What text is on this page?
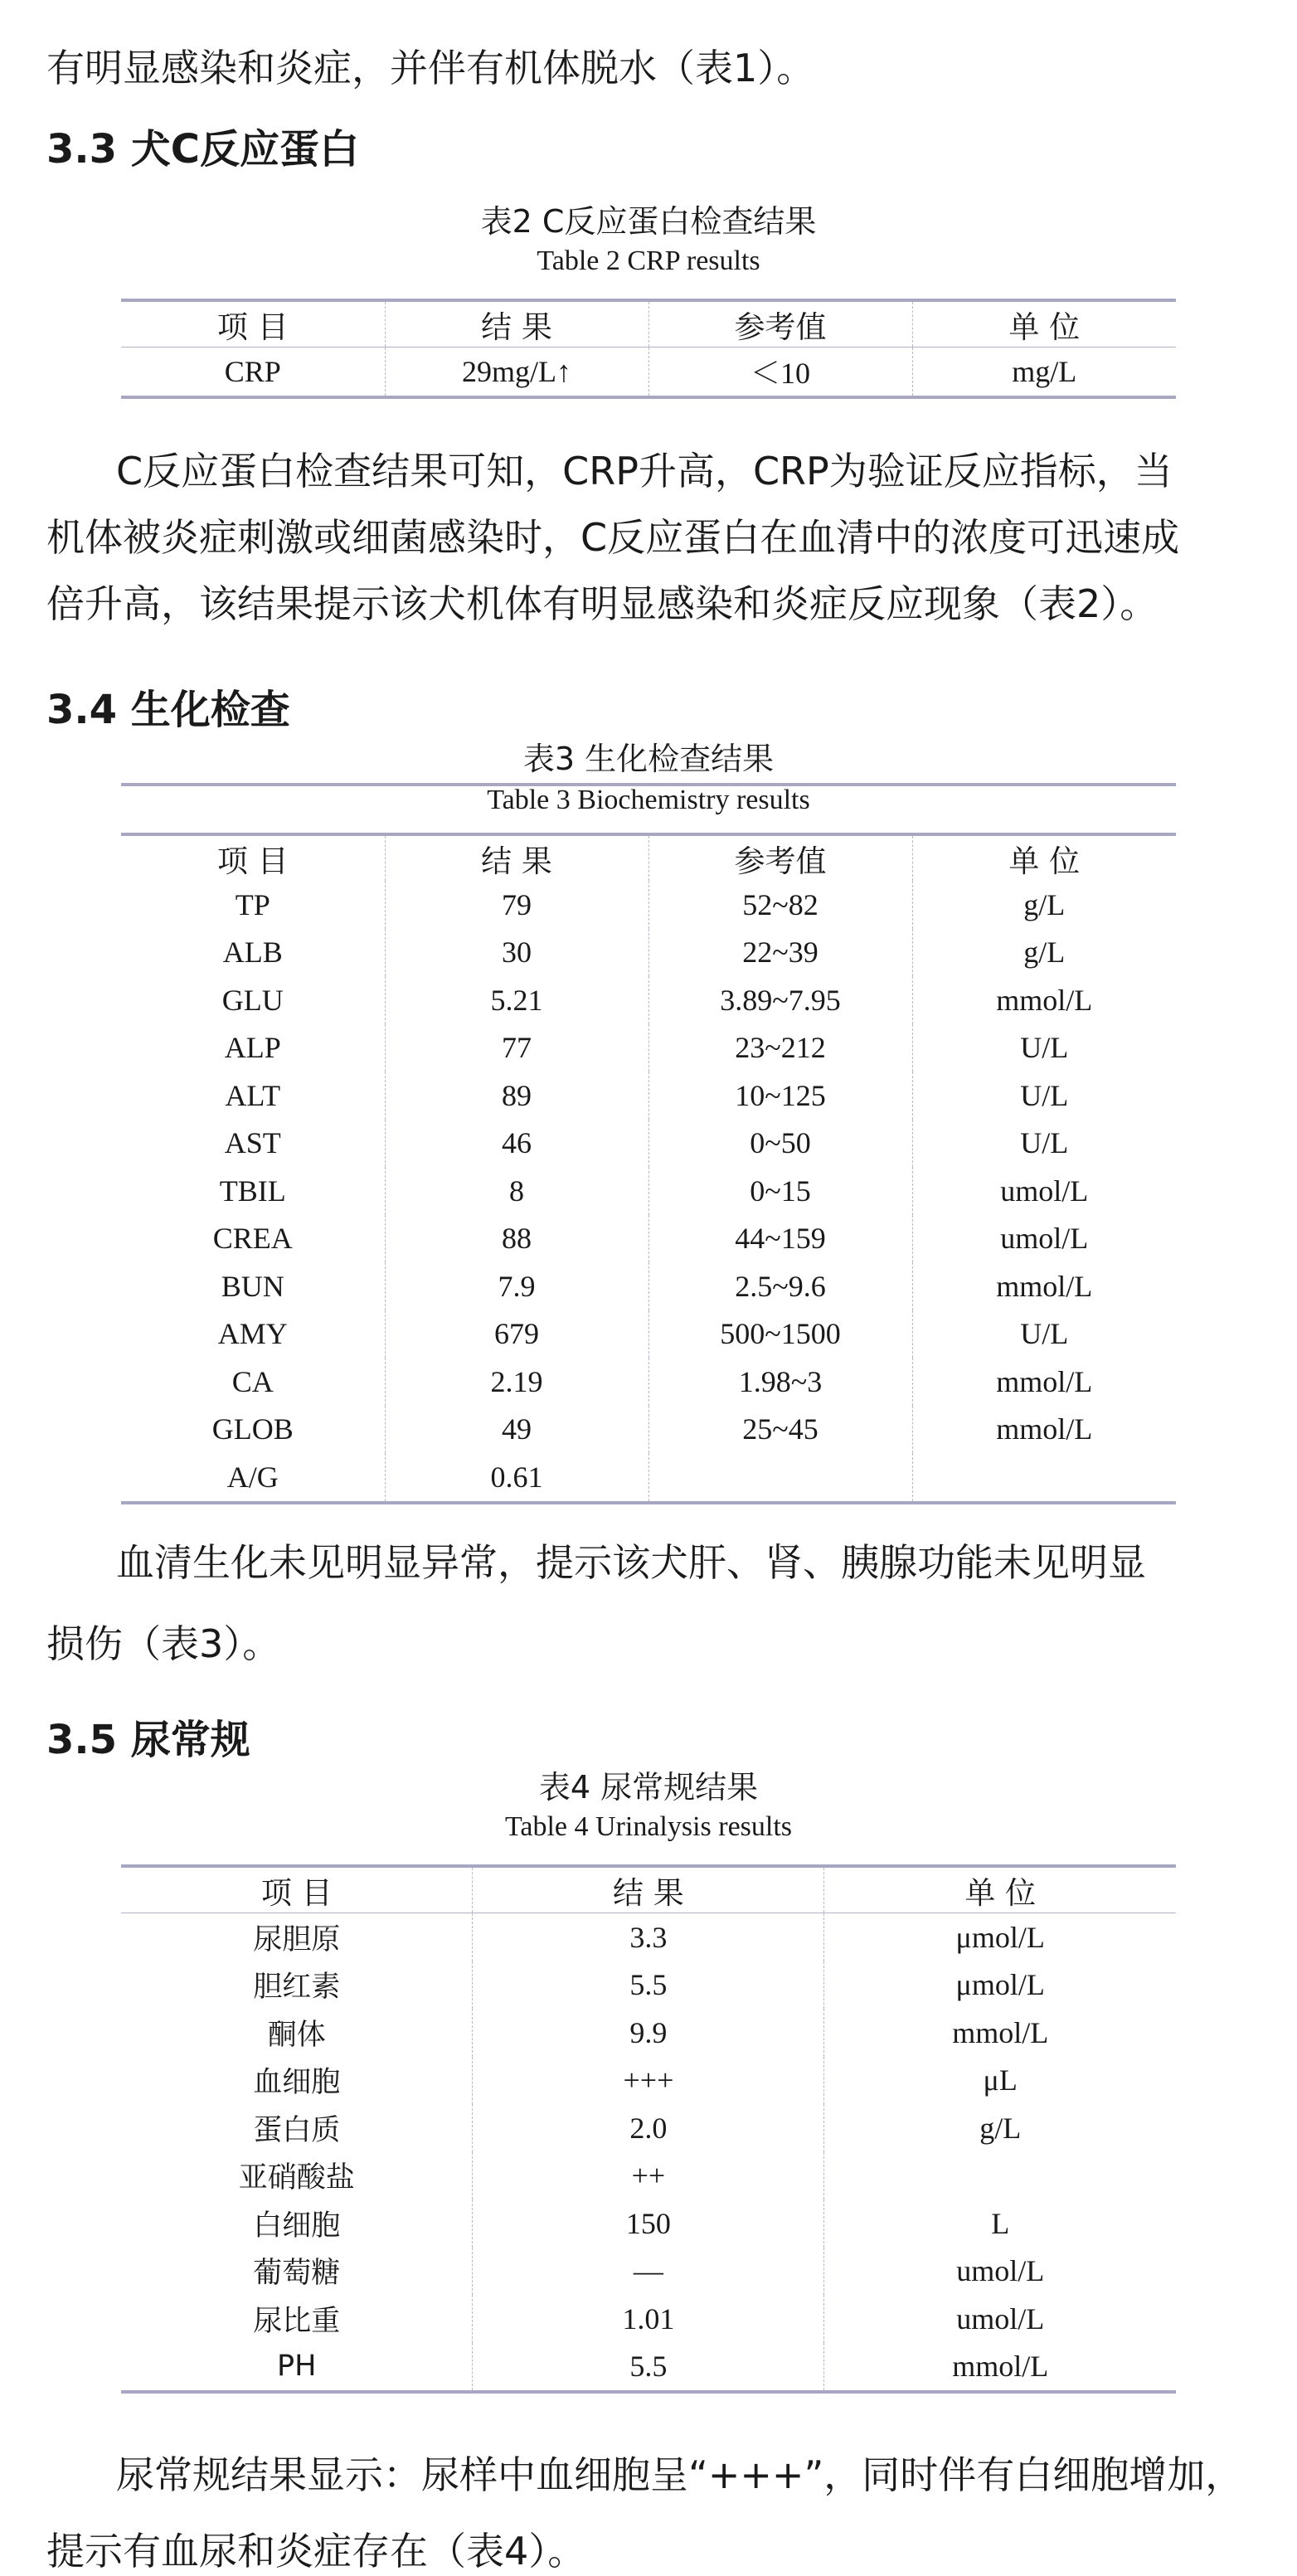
有明显感染和炎症，并伴有机体脱水（表1）。

3.3 犬C反应蛋白

表2 C反应蛋白检查结果

Table 2 CRP results

项 目	结 果	参考值	单 位
CRP	29mg/L↑	＜10	mg/L

C反应蛋白检查结果可知，CRP升高，CRP为验证反应指标，当

机体被炎症刺激或细菌感染时，C反应蛋白在血清中的浓度可迅速成

倍升高，该结果提示该犬机体有明显感染和炎症反应现象（表2）。

3.4 生化检查

表3 生化检查结果

Table 3 Biochemistry results

项 目	结 果	参考值	单 位
TP	79	52~82	g/L
ALB	30	22~39	g/L
GLU	5.21	3.89~7.95	mmol/L
ALP	77	23~212	U/L
ALT	89	10~125	U/L
AST	46	0~50	U/L
TBIL	8	0~15	umol/L
CREA	88	44~159	umol/L
BUN	7.9	2.5~9.6	mmol/L
AMY	679	500~1500	U/L
CA	2.19	1.98~3	mmol/L
GLOB	49	25~45	mmol/L
A/G	0.61		

血清生化未见明显异常，提示该犬肝、肾、胰腺功能未见明显

损伤（表3）。

3.5 尿常规

表4 尿常规结果

Table 4 Urinalysis results

项 目	结 果	单 位
尿胆原	3.3	μmol/L
胆红素	5.5	μmol/L
酮体	9.9	mmol/L
血细胞	+++	μL
蛋白质	2.0	g/L
亚硝酸盐	++	
白细胞	150	L
葡萄糖	—	umol/L
尿比重	1.01	umol/L
PH	5.5	mmol/L

尿常规结果显示：尿样中血细胞呈“+++”，同时伴有白细胞增加，

提示有血尿和炎症存在（表4）。
